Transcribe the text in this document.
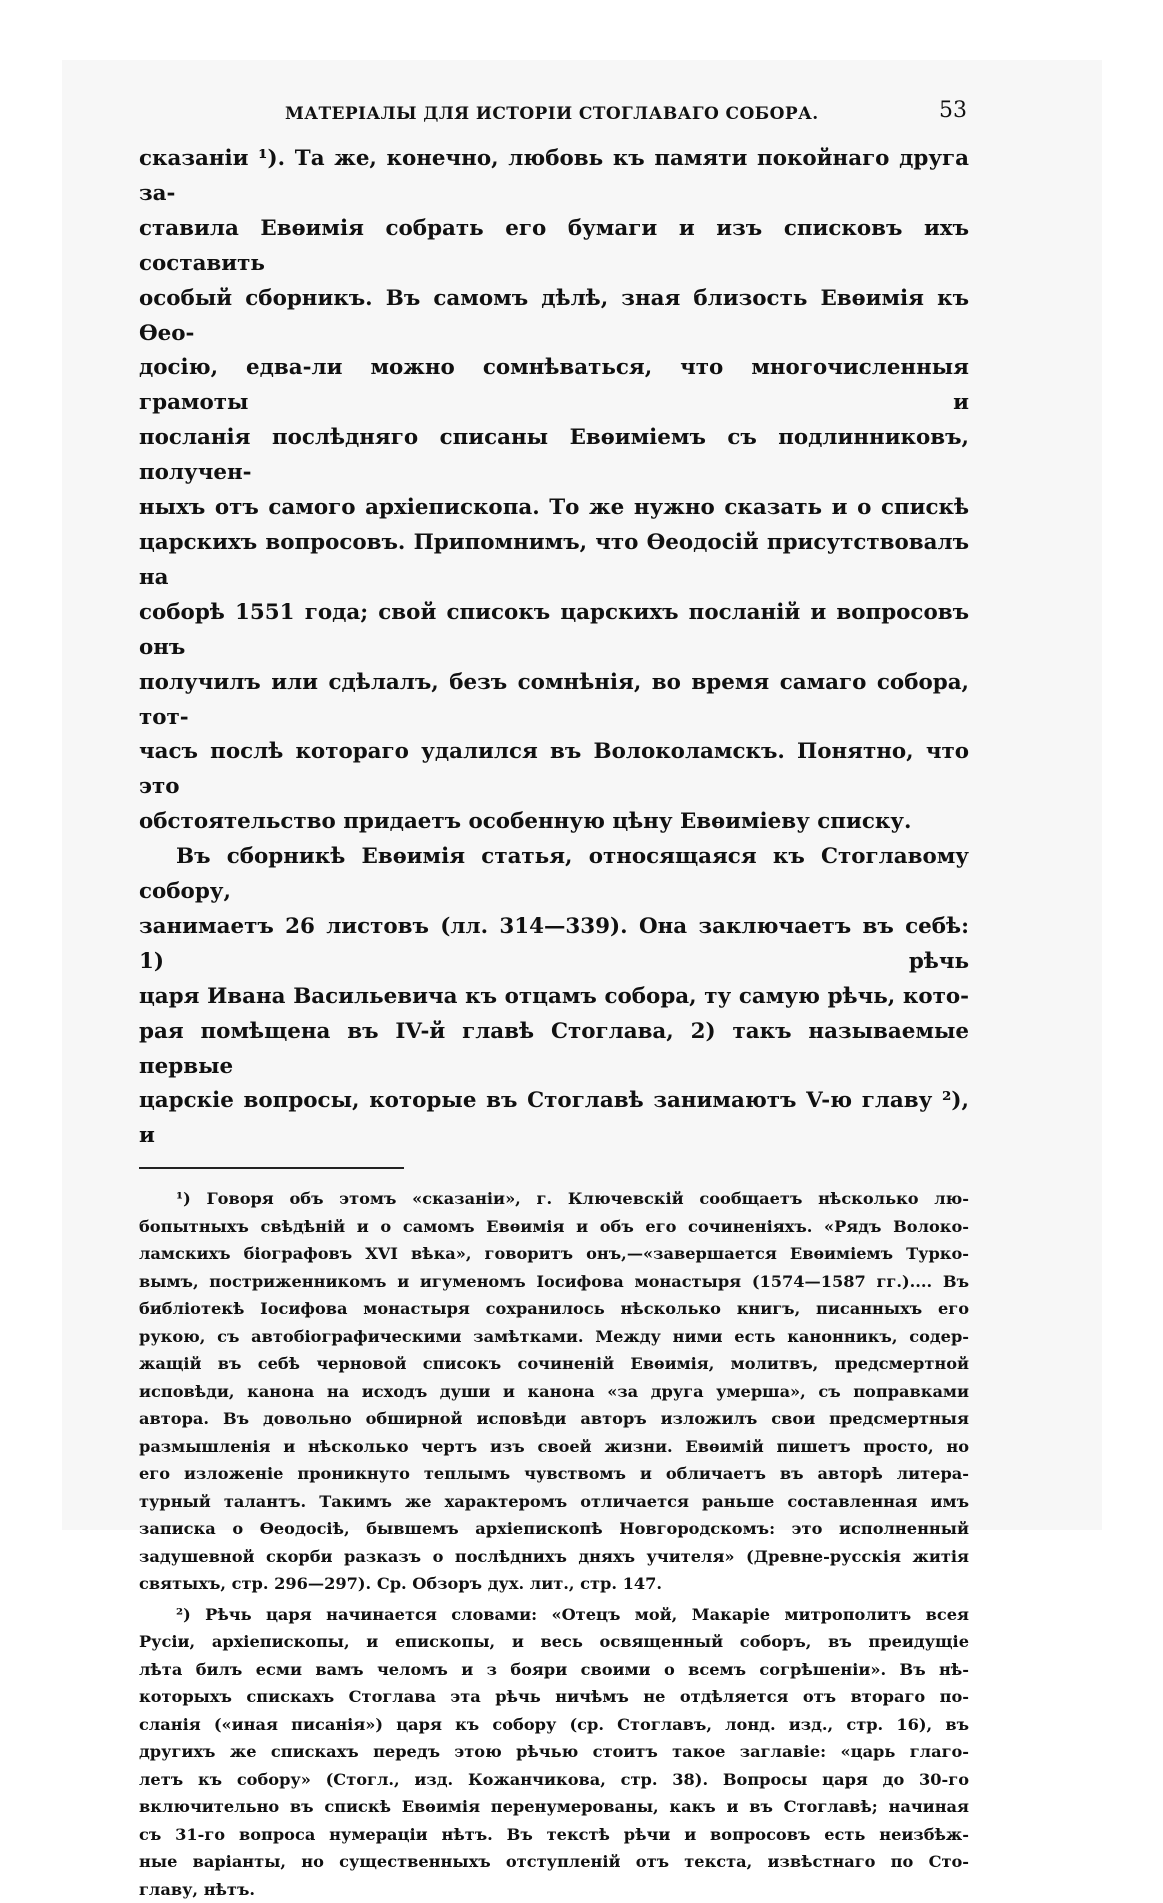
МАТЕРІАЛЫ ДЛЯ ИСТОРІИ СТОГЛАВАГО СОБОРА.	53

сказаніи ¹). Та же, конечно, любовь къ памяти покойнаго друга за-

ставила Евѳимія собрать его бумаги и изъ списковъ ихъ составить

особый сборникъ. Въ самомъ дѣлѣ, зная близость Евѳимія къ Ѳео-

досію, едва-ли можно сомнѣваться, что многочисленныя грамоты и

посланія послѣдняго списаны Евѳиміемъ съ подлинниковъ, получен-

ныхъ отъ самого архіепископа. То же нужно сказать и о спискѣ

царскихъ вопросовъ. Припомнимъ, что Ѳеодосій присутствовалъ на

соборѣ 1551 года; свой списокъ царскихъ посланій и вопросовъ онъ

получилъ или сдѣлалъ, безъ сомнѣнія, во время самаго собора, тот-

часъ послѣ котораго удалился въ Волоколамскъ. Понятно, что это

обстоятельство придаетъ особенную цѣну Евѳиміеву списку.

Въ сборникѣ Евѳимія статья, относящаяся къ Стоглавому собору,

занимаетъ 26 листовъ (лл. 314—339). Она заключаетъ въ себѣ: 1) рѣчь

царя Ивана Васильевича къ отцамъ собора, ту самую рѣчь, кото-

рая помѣщена въ IV-й главѣ Стоглава, 2) такъ называемые первые

царскіе вопросы, которые въ Стоглавѣ занимаютъ V-ю главу ²), и

¹) Говоря объ этомъ «сказаніи», г. Ключевскій сообщаетъ нѣсколько лю-

бопытныхъ свѣдѣній и о самомъ Евѳимія и объ его сочиненіяхъ. «Рядъ Волоко-

ламскихъ біографовъ XVI вѣка», говоритъ онъ,—«завершается Евѳиміемъ Турко-

вымъ, постриженникомъ и игуменомъ Іосифова монастыря (1574—1587 гг.).... Въ

библіотекѣ Іосифова монастыря сохранилось нѣсколько книгъ, писанныхъ его

рукою, съ автобіографическими замѣтками. Между ними есть канонникъ, содер-

жащій въ себѣ черновой списокъ сочиненій Евѳимія, молитвъ, предсмертной

исповѣди, канона на исходъ души и канона «за друга умерша», съ поправками

автора. Въ довольно обширной исповѣди авторъ изложилъ свои предсмертныя

размышленія и нѣсколько чертъ изъ своей жизни. Евѳимій пишетъ просто, но

его изложеніе проникнуто теплымъ чувствомъ и обличаетъ въ авторѣ литера-

турный талантъ. Такимъ же характеромъ отличается раньше составленная имъ

записка о Ѳеодосіѣ, бывшемъ архіепископѣ Новгородскомъ: это исполненный

задушевной скорби разказъ о послѣднихъ дняхъ учителя» (Древне-русскія житія

святыхъ, стр. 296—297). Ср. Обзоръ дух. лит., стр. 147.

²) Рѣчь царя начинается словами: «Отецъ мой, Макаріе митрополитъ всея

Русіи, архіепископы, и епископы, и весь освященный соборъ, въ преидущіе

лѣта билъ есми вамъ челомъ и з бояри своими о всемъ согрѣшеніи». Въ нѣ-

которыхъ спискахъ Стоглава эта рѣчь ничѣмъ не отдѣляется отъ втораго по-

сланія («иная писанія») царя къ собору (ср. Стоглавъ, лонд. изд., стр. 16), въ

другихъ же спискахъ передъ этою рѣчью стоитъ такое заглавіе: «царь глаго-

летъ къ собору» (Стогл., изд. Кожанчикова, стр. 38). Вопросы царя до 30-го

включительно въ спискѣ Евѳимія перенумерованы, какъ и въ Стоглавѣ; начиная

съ 31-го вопроса нумераціи нѣтъ. Въ текстѣ рѣчи и вопросовъ есть неизбѣж-

ные варіанты, но существенныхъ отступленій отъ текста, извѣстнаго по Сто-

главу, нѣтъ.
